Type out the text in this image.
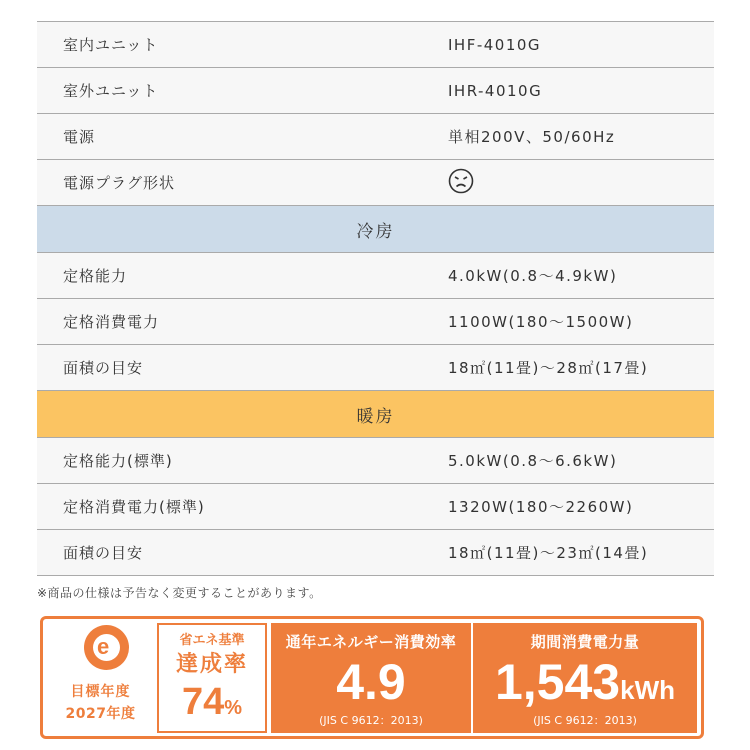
室内ユニット	IHF-4010G
室外ユニット	IHR-4010G
電源	単相200V、50/60Hz
電源プラグ形状
冷房
定格能力	4.0kW(0.8〜4.9kW)
定格消費電力	1100W(180〜1500W)
面積の目安	18㎡(11畳)〜28㎡(17畳)
暖房
定格能力(標準)	5.0kW(0.8〜6.6kW)
定格消費電力(標準)	1320W(180〜2260W)
面積の目安	18㎡(11畳)〜23㎡(14畳)
※商品の仕様は予告なく変更することがあります。
e
目標年度
2027年度
省エネ基準
達成率
74%
通年エネルギー消費効率
4.9
(JIS C 9612：2013)
期間消費電力量
1,543kWh
(JIS C 9612：2013)
